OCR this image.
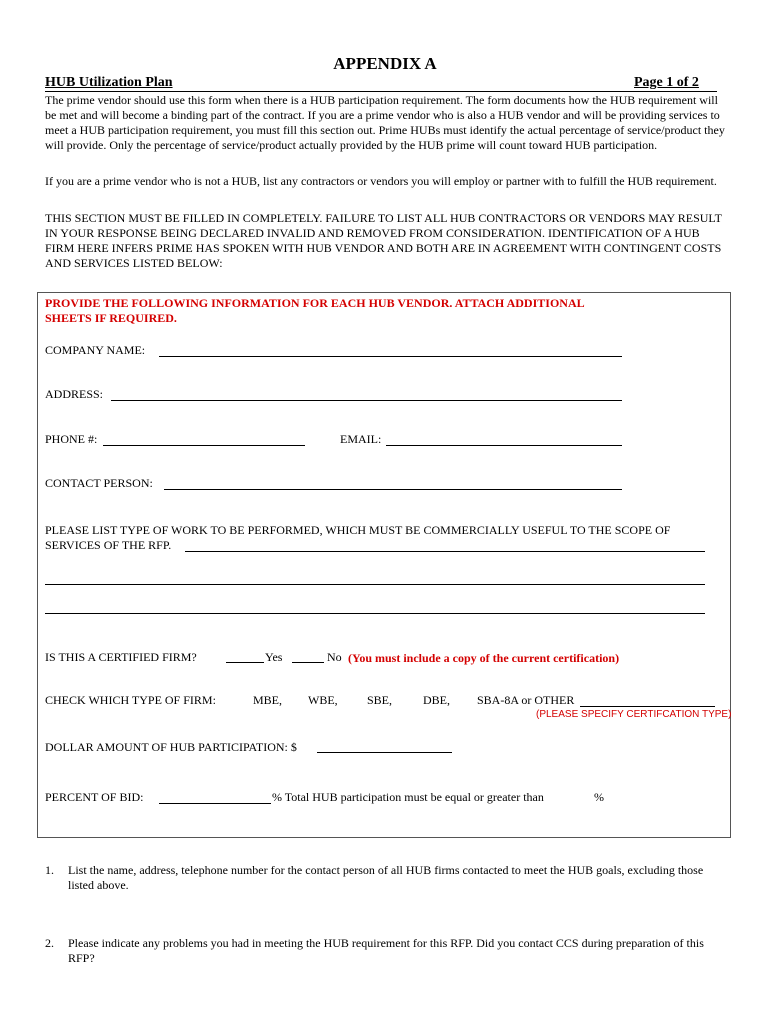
APPENDIX A
HUB Utilization Plan	Page 1 of 2
The prime vendor should use this form when there is a HUB participation requirement. The form documents how the HUB requirement will be met and will become a binding part of the contract. If you are a prime vendor who is also a HUB vendor and will be providing services to meet a HUB participation requirement, you must fill this section out. Prime HUBs must identify the actual percentage of service/product they will provide. Only the percentage of service/product actually provided by the HUB prime will count toward HUB participation.
If you are a prime vendor who is not a HUB, list any contractors or vendors you will employ or partner with to fulfill the HUB requirement.
THIS SECTION MUST BE FILLED IN COMPLETELY. FAILURE TO LIST ALL HUB CONTRACTORS OR VENDORS MAY RESULT IN YOUR RESPONSE BEING DECLARED INVALID AND REMOVED FROM CONSIDERATION. IDENTIFICATION OF A HUB FIRM HERE INFERS PRIME HAS SPOKEN WITH HUB VENDOR AND BOTH ARE IN AGREEMENT WITH CONTINGENT COSTS AND SERVICES LISTED BELOW:
PROVIDE THE FOLLOWING INFORMATION FOR EACH HUB VENDOR. ATTACH ADDITIONAL
SHEETS IF REQUIRED.
COMPANY NAME:
ADDRESS:
PHONE #:	EMAIL:
CONTACT PERSON:
PLEASE LIST TYPE OF WORK TO BE PERFORMED, WHICH MUST BE COMMERCIALLY USEFUL TO THE SCOPE OF
SERVICES OF THE RFP.
IS THIS A CERTIFIED FIRM?	Yes	No (You must include a copy of the current certification)
CHECK WHICH TYPE OF FIRM:	MBE, WBE, SBE,	DBE, SBA-8A or OTHER
(PLEASE SPECIFY CERTIFCATION TYPE)
DOLLAR AMOUNT OF HUB PARTICIPATION: $
PERCENT OF BID:	% Total HUB participation must be equal or greater than	%
1. List the name, address, telephone number for the contact person of all HUB firms contacted to meet the HUB goals, excluding those listed above.
2. Please indicate any problems you had in meeting the HUB requirement for this RFP. Did you contact CCS during preparation of this RFP?
